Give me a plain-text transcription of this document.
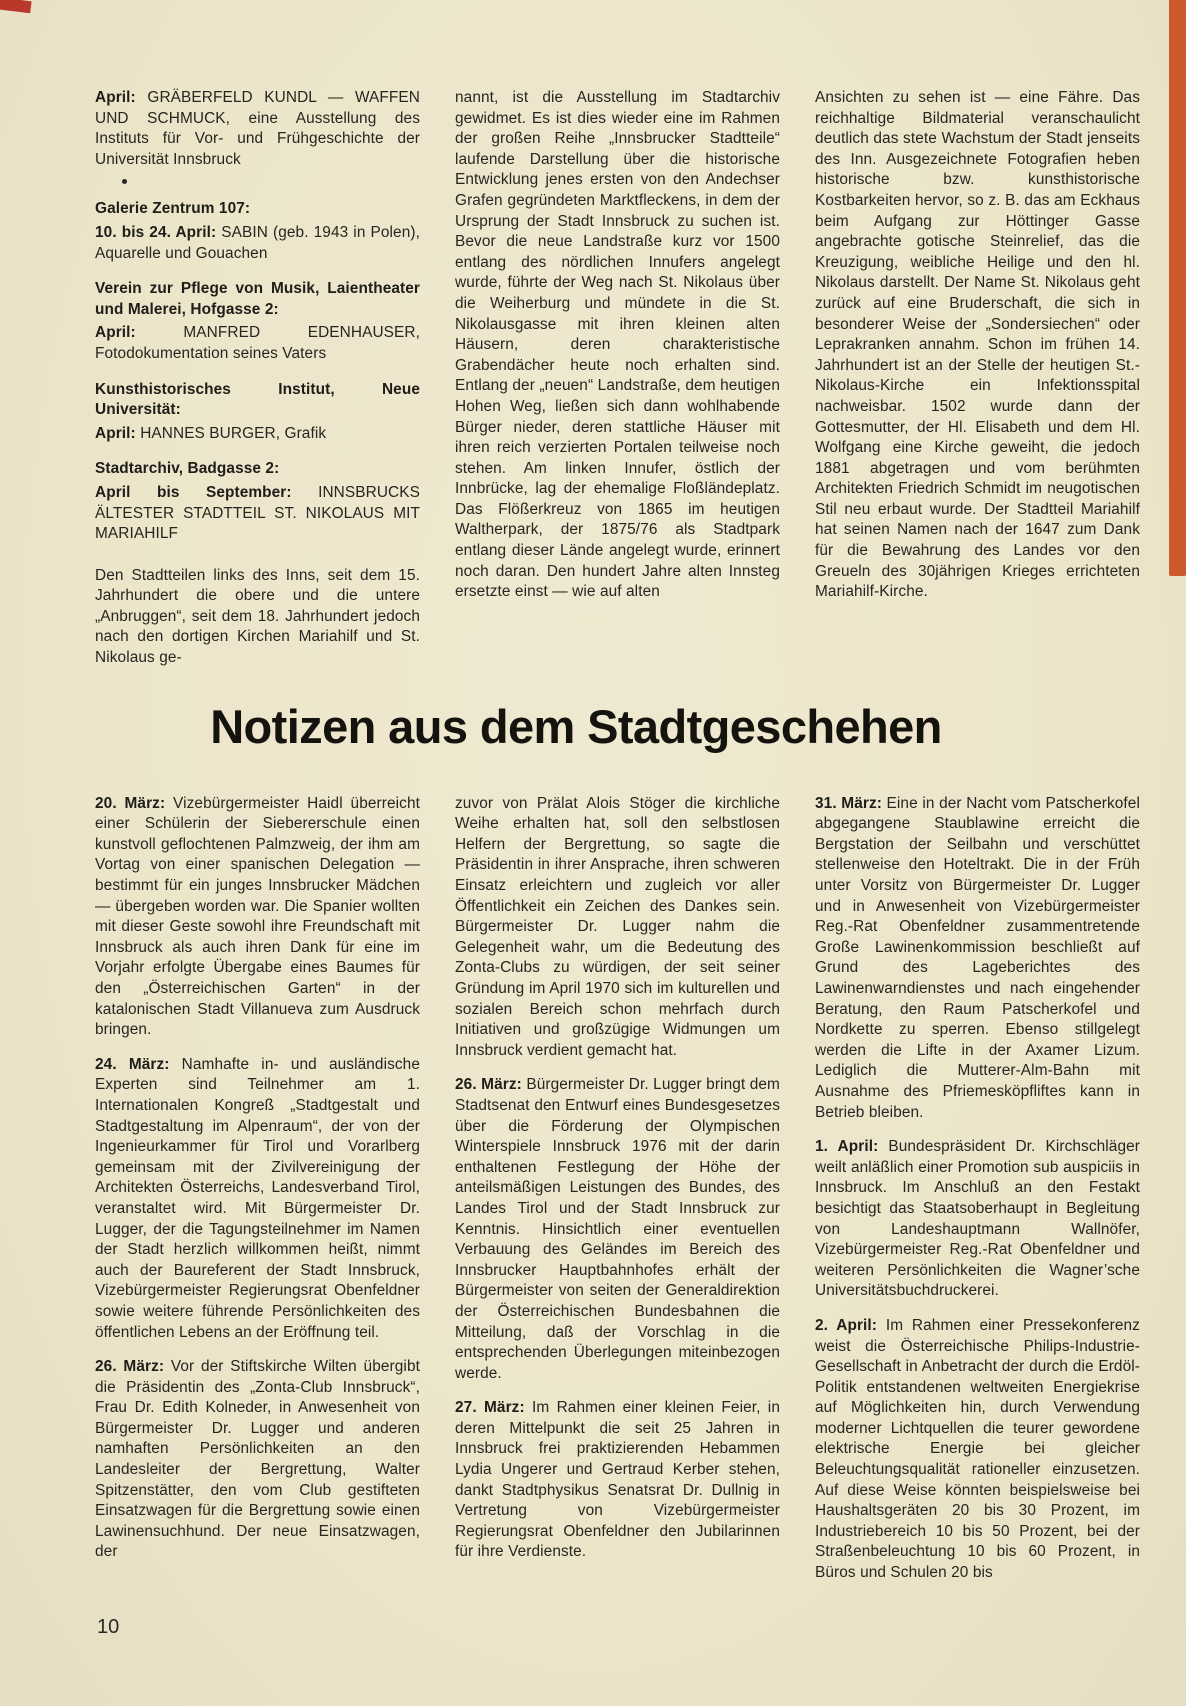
April: GRÄBERFELD KUNDL — WAFFEN UND SCHMUCK, eine Ausstellung des Instituts für Vor- und Frühgeschichte der Universität Innsbruck

Galerie Zentrum 107:

10. bis 24. April: SABIN (geb. 1943 in Polen), Aquarelle und Gouachen

Verein zur Pflege von Musik, Laientheater und Malerei, Hofgasse 2:

April:	MANFRED EDENHAUSER, Fotodokumentation seines Vaters

Kunsthistorisches Institut, Neue Universität:

April: HANNES BURGER, Grafik

Stadtarchiv, Badgasse 2:

April bis September: INNSBRUCKS ÄLTESTER STADTTEIL ST. NIKOLAUS MIT MARIAHILF

Den Stadtteilen links des Inns, seit dem 15. Jahrhundert die obere und die untere „Anbruggen“, seit dem 18. Jahrhundert jedoch nach den dortigen Kirchen Mariahilf und St. Nikolaus ge-

nannt, ist die Ausstellung im Stadtarchiv gewidmet. Es ist dies wieder eine im Rahmen der großen Reihe „Innsbrucker Stadtteile“ laufende Darstellung über die historische Entwicklung jenes ersten von den Andechser Grafen gegründeten Marktfleckens, in dem der Ursprung der Stadt Innsbruck zu suchen ist. Bevor die neue Landstraße kurz vor 1500 entlang des nördlichen Innufers angelegt wurde, führte der Weg nach St. Nikolaus über die Weiherburg und mündete in die St. Nikolausgasse mit ihren kleinen alten Häusern, deren charakteristische Grabendächer heute noch erhalten sind. Entlang der „neuen“ Landstraße, dem heutigen Hohen Weg, ließen sich dann wohlhabende Bürger nieder, deren stattliche Häuser mit ihren reich verzierten Portalen teilweise noch stehen. Am linken Innufer, östlich der Innbrücke, lag der ehemalige Floßländeplatz. Das Flößerkreuz von 1865 im heutigen Waltherpark, der 1875/76 als Stadtpark entlang dieser Lände angelegt wurde, erinnert noch daran. Den hundert Jahre alten Innsteg ersetzte einst — wie auf alten

Ansichten zu sehen ist — eine Fähre. Das reichhaltige Bildmaterial veranschaulicht deutlich das stete Wachstum der Stadt jenseits des Inn. Ausgezeichnete Fotografien heben historische bzw. kunsthistorische Kostbarkeiten hervor, so z. B. das am Eckhaus beim Aufgang zur Höttinger Gasse angebrachte gotische Steinrelief, das die Kreuzigung, weibliche Heilige und den hl. Nikolaus darstellt. Der Name St. Nikolaus geht zurück auf eine Bruderschaft, die sich in besonderer Weise der „Sondersiechen“ oder Leprakranken annahm. Schon im frühen 14. Jahrhundert ist an der Stelle der heutigen St.-Nikolaus-Kirche ein Infektionsspital nachweisbar. 1502 wurde dann der Gottesmutter, der Hl. Elisabeth und dem Hl. Wolfgang eine Kirche geweiht, die jedoch 1881 abgetragen und vom berühmten Architekten Friedrich Schmidt im neugotischen Stil neu erbaut wurde. Der Stadtteil Mariahilf hat seinen Namen nach der 1647 zum Dank für die Bewahrung des Landes vor den Greueln des 30jährigen Krieges errichteten Mariahilf-Kirche.

Notizen aus dem Stadtgeschehen

20. März: Vizebürgermeister Haidl überreicht einer Schülerin der Siebererschule einen kunstvoll geflochtenen Palmzweig, der ihm am Vortag von einer spanischen Delegation — bestimmt für ein junges Innsbrucker Mädchen — übergeben worden war. Die Spanier wollten mit dieser Geste sowohl ihre Freundschaft mit Innsbruck als auch ihren Dank für eine im Vorjahr erfolgte Übergabe eines Baumes für den „Österreichischen Garten“ in der katalonischen Stadt Villanueva zum Ausdruck bringen.

24. März: Namhafte in- und ausländische Experten sind Teilnehmer am 1. Internationalen Kongreß „Stadtgestalt und Stadtgestaltung im Alpenraum“, der von der Ingenieurkammer für Tirol und Vorarlberg gemeinsam mit der Zivilvereinigung der Architekten Österreichs, Landesverband Tirol, veranstaltet wird. Mit Bürgermeister Dr. Lugger, der die Tagungsteilnehmer im Namen der Stadt herzlich willkommen heißt, nimmt auch der Baureferent der Stadt Innsbruck, Vizebürgermeister Regierungsrat Obenfeldner sowie weitere führende Persönlichkeiten des öffentlichen Lebens an der Eröffnung teil.

26. März: Vor der Stiftskirche Wilten übergibt die Präsidentin des „Zonta-Club Innsbruck“, Frau Dr. Edith Kolneder, in Anwesenheit von Bürgermeister Dr. Lugger und anderen namhaften Persönlichkeiten an den Landesleiter der Bergrettung, Walter Spitzenstätter, den vom Club gestifteten Einsatzwagen für die Bergrettung sowie einen Lawinensuchhund. Der neue Einsatzwagen, der

zuvor von Prälat Alois Stöger die kirchliche Weihe erhalten hat, soll den selbstlosen Helfern der Bergrettung, so sagte die Präsidentin in ihrer Ansprache, ihren schweren Einsatz erleichtern und zugleich vor aller Öffentlichkeit ein Zeichen des Dankes sein. Bürgermeister Dr. Lugger nahm die Gelegenheit wahr, um die Bedeutung des Zonta-Clubs zu würdigen, der seit seiner Gründung im April 1970 sich im kulturellen und sozialen Bereich schon mehrfach durch Initiativen und großzügige Widmungen um Innsbruck verdient gemacht hat.

26. März: Bürgermeister Dr. Lugger bringt dem Stadtsenat den Entwurf eines Bundesgesetzes über die Förderung der Olympischen Winterspiele Innsbruck 1976 mit der darin enthaltenen Festlegung der Höhe der anteilsmäßigen Leistungen des Bundes, des Landes Tirol und der Stadt Innsbruck zur Kenntnis. Hinsichtlich einer eventuellen Verbauung des Geländes im Bereich des Innsbrucker Hauptbahnhofes erhält der Bürgermeister von seiten der Generaldirektion der Österreichischen Bundesbahnen die Mitteilung, daß der Vorschlag in die entsprechenden Überlegungen miteinbezogen werde.

27. März: Im Rahmen einer kleinen Feier, in deren Mittelpunkt die seit 25 Jahren in Innsbruck frei praktizierenden Hebammen Lydia Ungerer und Gertraud Kerber stehen, dankt Stadtphysikus Senatsrat Dr. Dullnig in Vertretung von Vizebürgermeister Regierungsrat Obenfeldner den Jubilarinnen für ihre Verdienste.

31. März: Eine in der Nacht vom Patscherkofel abgegangene Staublawine erreicht die Bergstation der Seilbahn und verschüttet stellenweise den Hoteltrakt. Die in der Früh unter Vorsitz von Bürgermeister Dr. Lugger und in Anwesenheit von Vizebürgermeister Reg.-Rat Obenfeldner zusammentretende Große Lawinenkommission beschließt auf Grund des Lageberichtes des Lawinenwarndienstes und nach eingehender Beratung, den Raum Patscherkofel und Nordkette zu sperren. Ebenso stillgelegt werden die Lifte in der Axamer Lizum. Lediglich die Mutterer-Alm-Bahn mit Ausnahme des Pfriemesköpfliftes kann in Betrieb bleiben.

1. April: Bundespräsident Dr. Kirchschläger weilt anläßlich einer Promotion sub auspiciis in Innsbruck. Im Anschluß an den Festakt besichtigt das Staatsoberhaupt in Begleitung von Landeshauptmann Wallnöfer, Vizebürgermeister Reg.-Rat Obenfeldner und weiteren Persönlichkeiten die Wagner’sche Universitätsbuchdruckerei.

2. April: Im Rahmen einer Pressekonferenz weist die Österreichische Philips-Industrie-Gesellschaft in Anbetracht der durch die Erdöl-Politik entstandenen weltweiten Energiekrise auf Möglichkeiten hin, durch Verwendung moderner Lichtquellen die teurer gewordene elektrische Energie bei gleicher Beleuchtungsqualität rationeller einzusetzen. Auf diese Weise könnten beispielsweise bei Haushaltsgeräten 20 bis 30 Prozent, im Industriebereich 10 bis 50 Prozent, bei der Straßenbeleuchtung 10 bis 60 Prozent, in Büros und Schulen 20 bis

10
